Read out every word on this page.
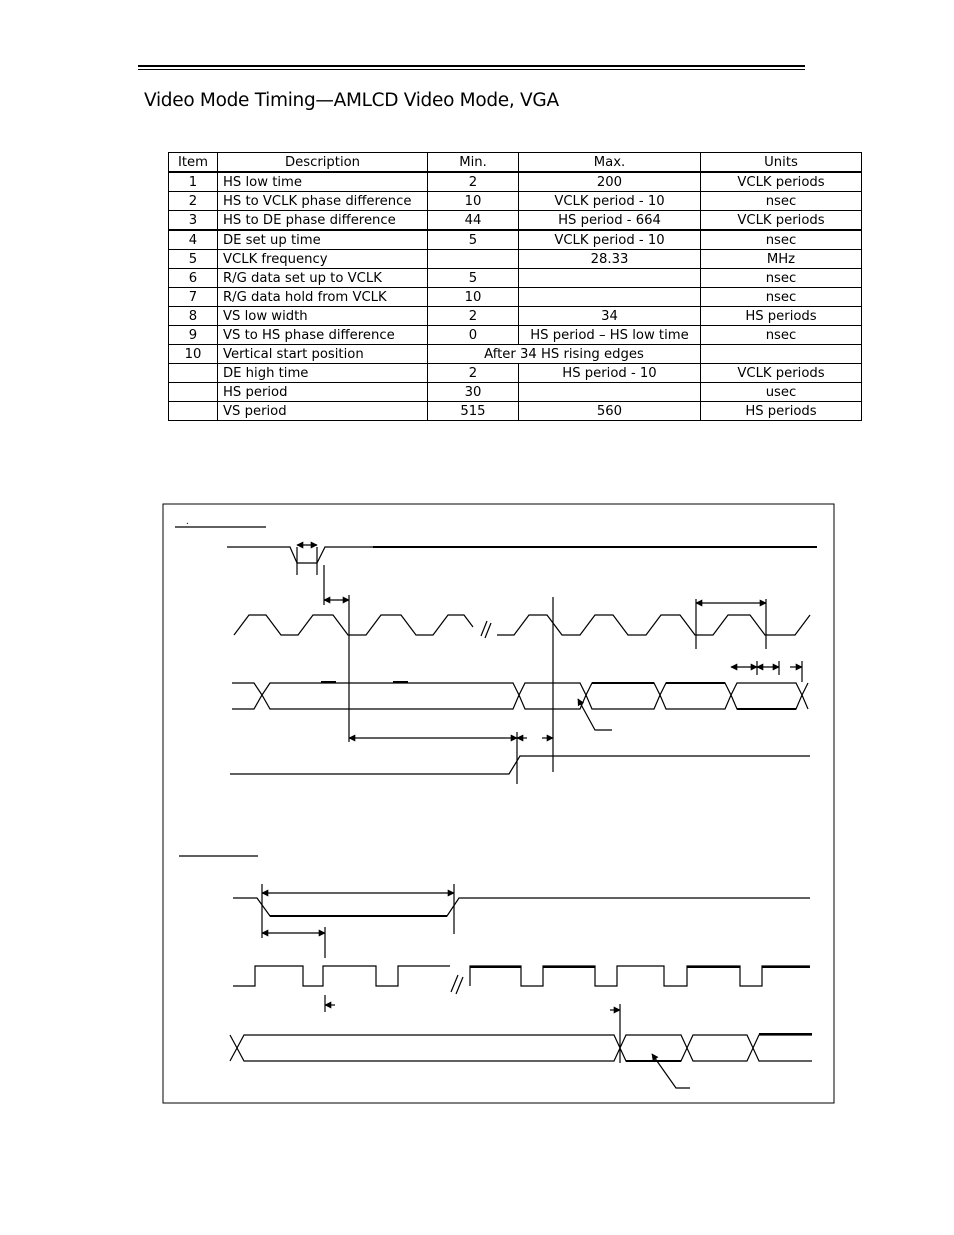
Video Mode Timing—AMLCD Video Mode, VGA
Item	Description	Min.	Max.	Units
1	HS low time	2	200	VCLK periods
2	HS to VCLK phase difference	10	VCLK period - 10	nsec
3	HS to DE phase difference	44	HS period - 664	VCLK periods
4	DE set up time	5	VCLK period - 10	nsec
5	VCLK frequency		28.33	MHz
6	R/G data set up to VCLK	5		nsec
7	R/G data hold from VCLK	10		nsec
8	VS low width	2	34	HS periods
9	VS to HS phase difference	0	HS period – HS low time	nsec
10	Vertical start position	After 34 HS rising edges		
	DE high time	2	HS period - 10	VCLK periods
	HS period	30		usec
	VS period	515	560	HS periods
.
